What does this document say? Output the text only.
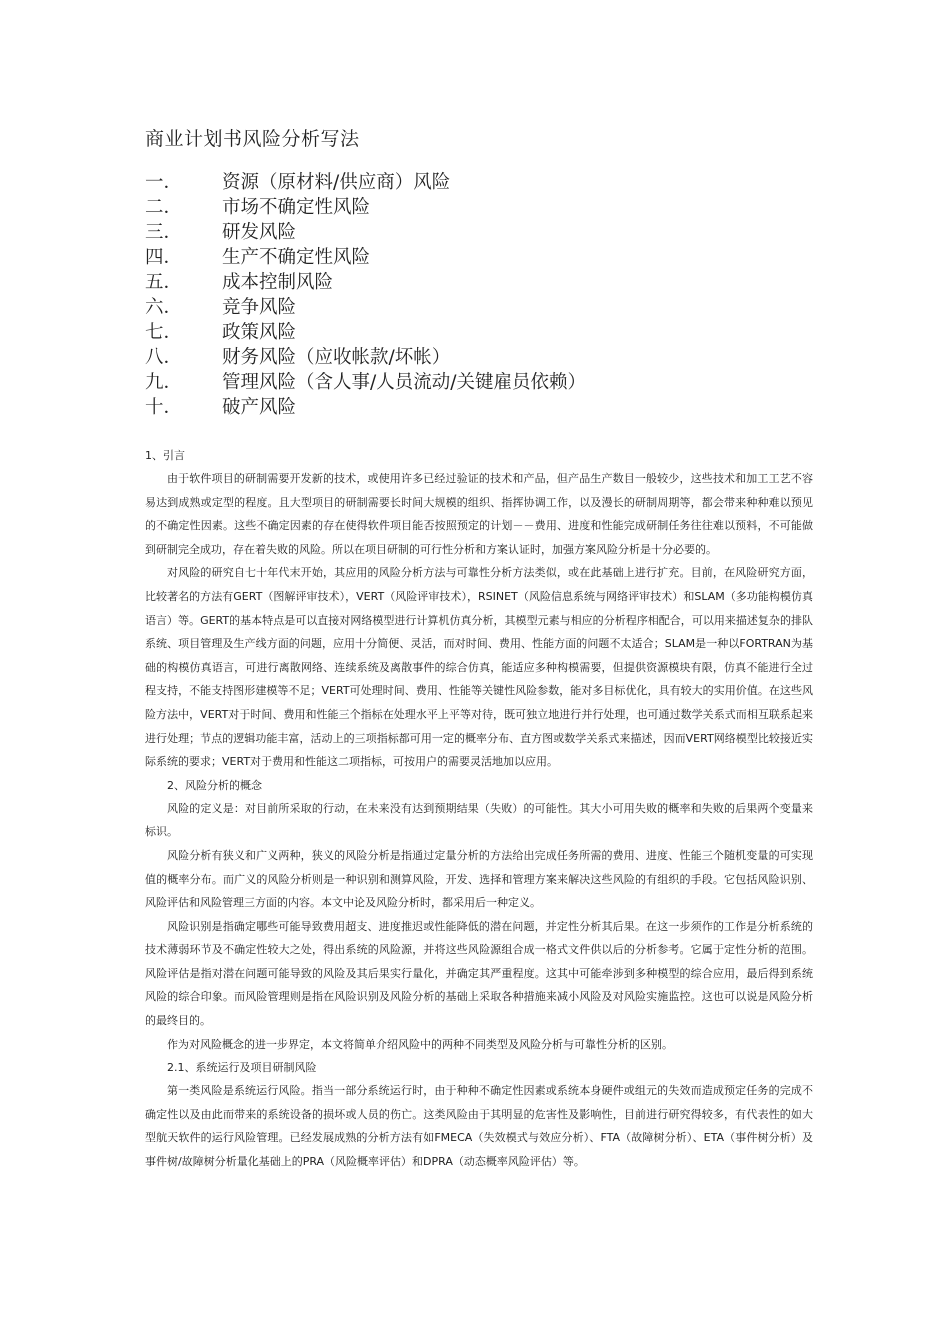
商业计划书风险分析写法
一．	资源（原材料/供应商）风险
二．	市场不确定性风险
三．	研发风险
四．	生产不确定性风险
五．	成本控制风险
六．	竞争风险
七．	政策风险
八．	财务风险（应收帐款/坏帐）
九．	管理风险（含人事/人员流动/关键雇员依赖）
十．	破产风险
1、引言

由于软件项目的研制需要开发新的技术，或使用许多已经过验证的技术和产品，但产品生产数目一般较少，这些技术和加工工艺不容易达到成熟或定型的程度。且大型项目的研制需要长时间大规模的组织、指挥协调工作，以及漫长的研制周期等，都会带来种种难以预见的不确定性因素。这些不确定因素的存在使得软件项目能否按照预定的计划－－费用、进度和性能完成研制任务往往难以预料，不可能做到研制完全成功，存在着失败的风险。所以在项目研制的可行性分析和方案认证时，加强方案风险分析是十分必要的。

对风险的研究自七十年代末开始，其应用的风险分析方法与可靠性分析方法类似，或在此基础上进行扩充。目前，在风险研究方面，比较著名的方法有GERT（图解评审技术），VERT（风险评审技术），RSINET（风险信息系统与网络评审技术）和SLAM（多功能构模仿真语言）等。GERT的基本特点是可以直接对网络模型进行计算机仿真分析，其模型元素与相应的分析程序相配合，可以用来描述复杂的排队系统、项目管理及生产线方面的问题，应用十分简便、灵活，而对时间、费用、性能方面的问题不太适合；SLAM是一种以FORTRAN为基础的构模仿真语言，可进行离散网络、连续系统及离散事件的综合仿真，能适应多种构模需要，但提供资源模块有限，仿真不能进行全过程支持，不能支持图形建模等不足；VERT可处理时间、费用、性能等关键性风险参数，能对多目标优化，具有较大的实用价值。在这些风险方法中，VERT对于时间、费用和性能三个指标在处理水平上平等对待，既可独立地进行并行处理，也可通过数学关系式而相互联系起来进行处理；节点的逻辑功能丰富，活动上的三项指标都可用一定的概率分布、直方图或数学关系式来描述，因而VERT网络模型比较接近实际系统的要求；VERT对于费用和性能这二项指标，可按用户的需要灵活地加以应用。

2、风险分析的概念

风险的定义是：对目前所采取的行动，在未来没有达到预期结果（失败）的可能性。其大小可用失败的概率和失败的后果两个变量来标识。

风险分析有狭义和广义两种，狭义的风险分析是指通过定量分析的方法给出完成任务所需的费用、进度、性能三个随机变量的可实现值的概率分布。而广义的风险分析则是一种识别和测算风险，开发、选择和管理方案来解决这些风险的有组织的手段。它包括风险识别、风险评估和风险管理三方面的内容。本文中论及风险分析时，都采用后一种定义。

风险识别是指确定哪些可能导致费用超支、进度推迟或性能降低的潜在问题，并定性分析其后果。在这一步须作的工作是分析系统的技术薄弱环节及不确定性较大之处，得出系统的风险源，并将这些风险源组合成一格式文件供以后的分析参考。它属于定性分析的范围。风险评估是指对潜在问题可能导致的风险及其后果实行量化，并确定其严重程度。这其中可能牵涉到多种模型的综合应用，最后得到系统风险的综合印象。而风险管理则是指在风险识别及风险分析的基础上采取各种措施来减小风险及对风险实施监控。这也可以说是风险分析的最终目的。

作为对风险概念的进一步界定，本文将简单介绍风险中的两种不同类型及风险分析与可靠性分析的区别。

2.1、系统运行及项目研制风险

第一类风险是系统运行风险。指当一部分系统运行时，由于种种不确定性因素或系统本身硬件或组元的失效而造成预定任务的完成不确定性以及由此而带来的系统设备的损坏或人员的伤亡。这类风险由于其明显的危害性及影响性，目前进行研究得较多，有代表性的如大型航天软件的运行风险管理。已经发展成熟的分析方法有如FMECA（失效模式与效应分析）、FTA（故障树分析）、ETA（事件树分析）及事件树/故障树分析量化基础上的PRA（风险概率评估）和DPRA（动态概率风险评估）等。
